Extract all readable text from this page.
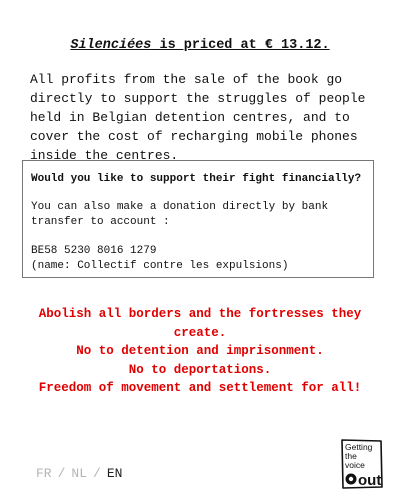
Silenciées is priced at € 13.12.

All profits from the sale of the book go
directly to support the struggles of people
held in Belgian detention centres, and to
cover the cost of recharging mobile phones
inside the centres.

Would you like to support their fight financially?

You can also make a donation directly by bank
transfer to account :

BE58 5230 8016 1279

(name: Collectif contre les expulsions)

Abolish all borders and the fortresses they
create.
No to detention and imprisonment.
No to deportations.
Freedom of movement and settlement for all!
FR / NL / EN
Getting
the
voice
out
